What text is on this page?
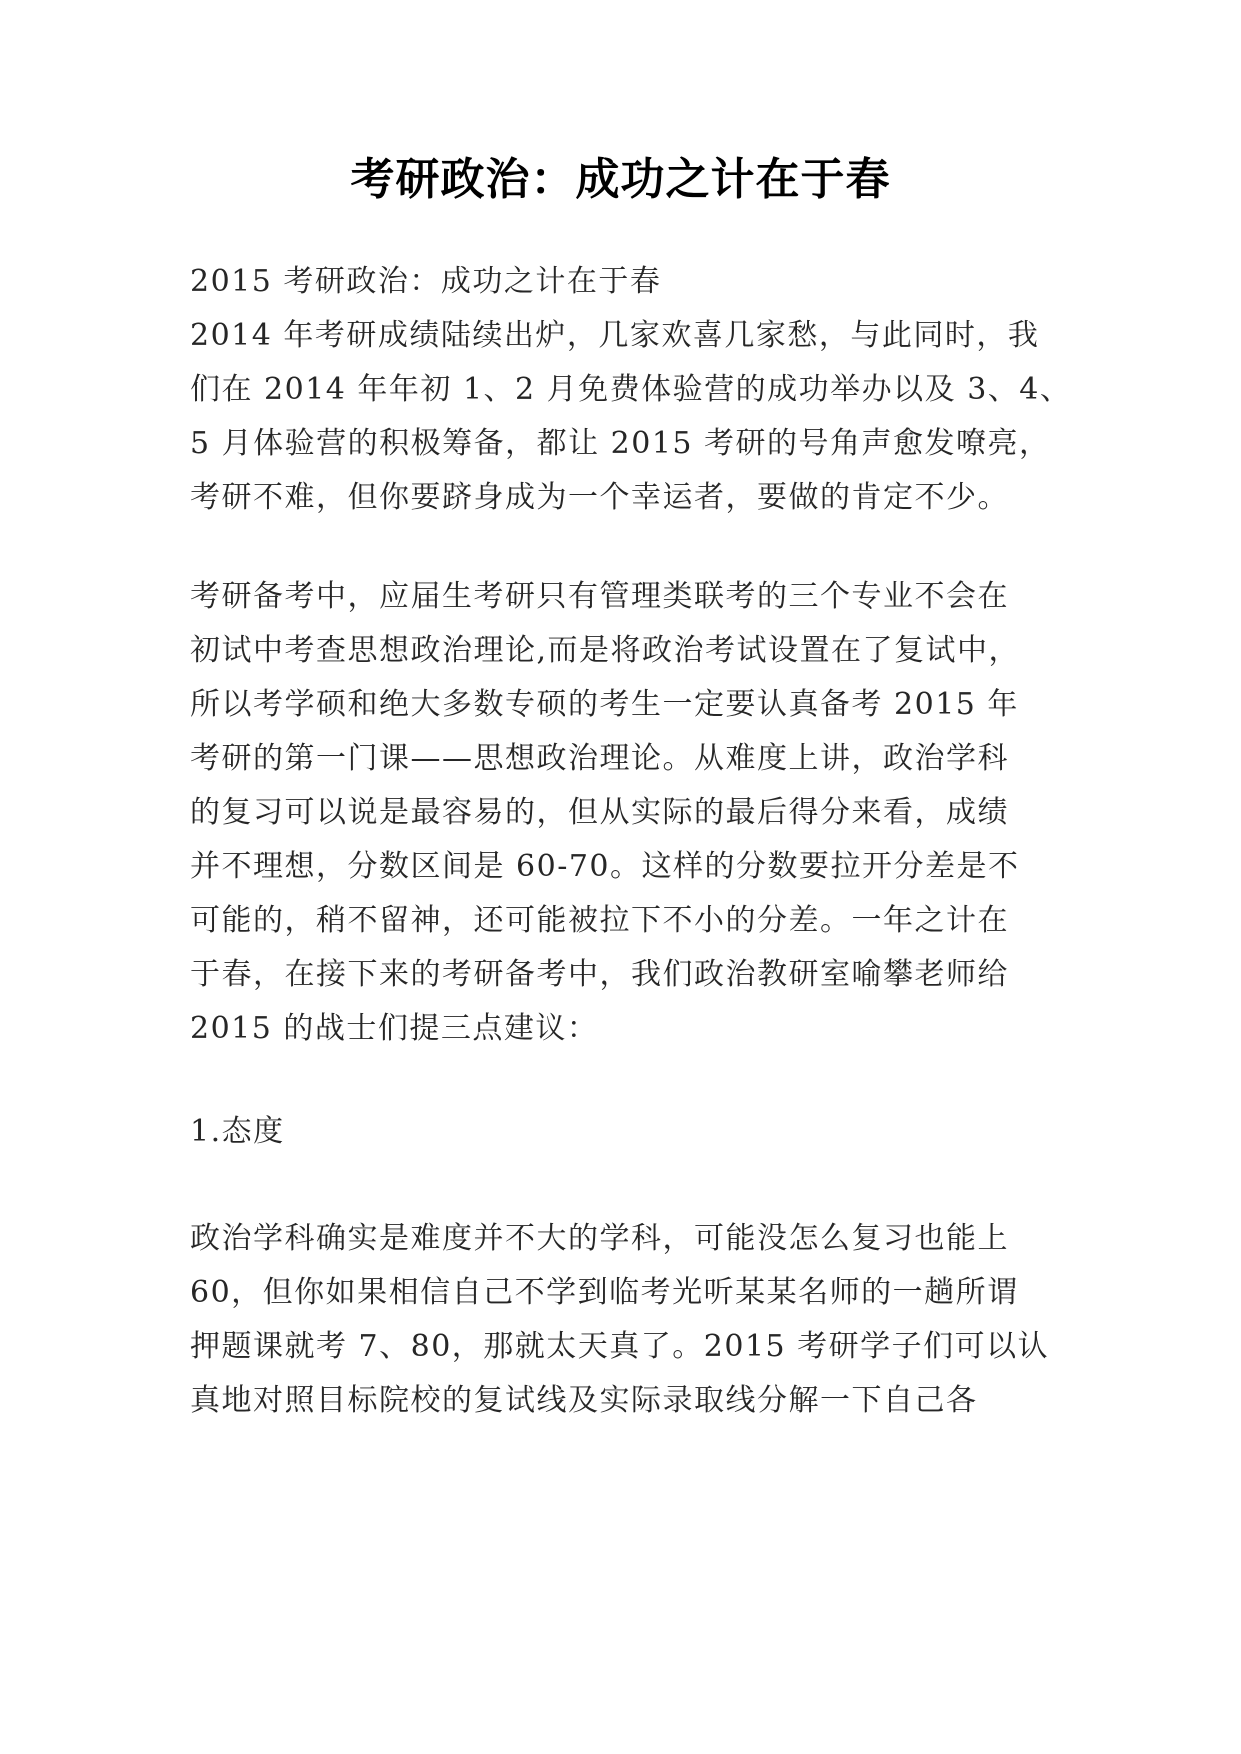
考研政治：成功之计在于春
2015 考研政治：成功之计在于春
2014 年考研成绩陆续出炉，几家欢喜几家愁，与此同时，我
们在 2014 年年初 1、2 月免费体验营的成功举办以及 3、4、
5 月体验营的积极筹备，都让 2015 考研的号角声愈发嘹亮，
考研不难，但你要跻身成为一个幸运者，要做的肯定不少。
考研备考中，应届生考研只有管理类联考的三个专业不会在
初试中考查思想政治理论,而是将政治考试设置在了复试中，
所以考学硕和绝大多数专硕的考生一定要认真备考 2015 年
考研的第一门课——思想政治理论。从难度上讲，政治学科
的复习可以说是最容易的，但从实际的最后得分来看，成绩
并不理想，分数区间是 60-70。这样的分数要拉开分差是不
可能的，稍不留神，还可能被拉下不小的分差。一年之计在
于春，在接下来的考研备考中，我们政治教研室喻攀老师给
2015 的战士们提三点建议：
1.态度
政治学科确实是难度并不大的学科，可能没怎么复习也能上
60，但你如果相信自己不学到临考光听某某名师的一趟所谓
押题课就考 7、80，那就太天真了。2015 考研学子们可以认
真地对照目标院校的复试线及实际录取线分解一下自己各
